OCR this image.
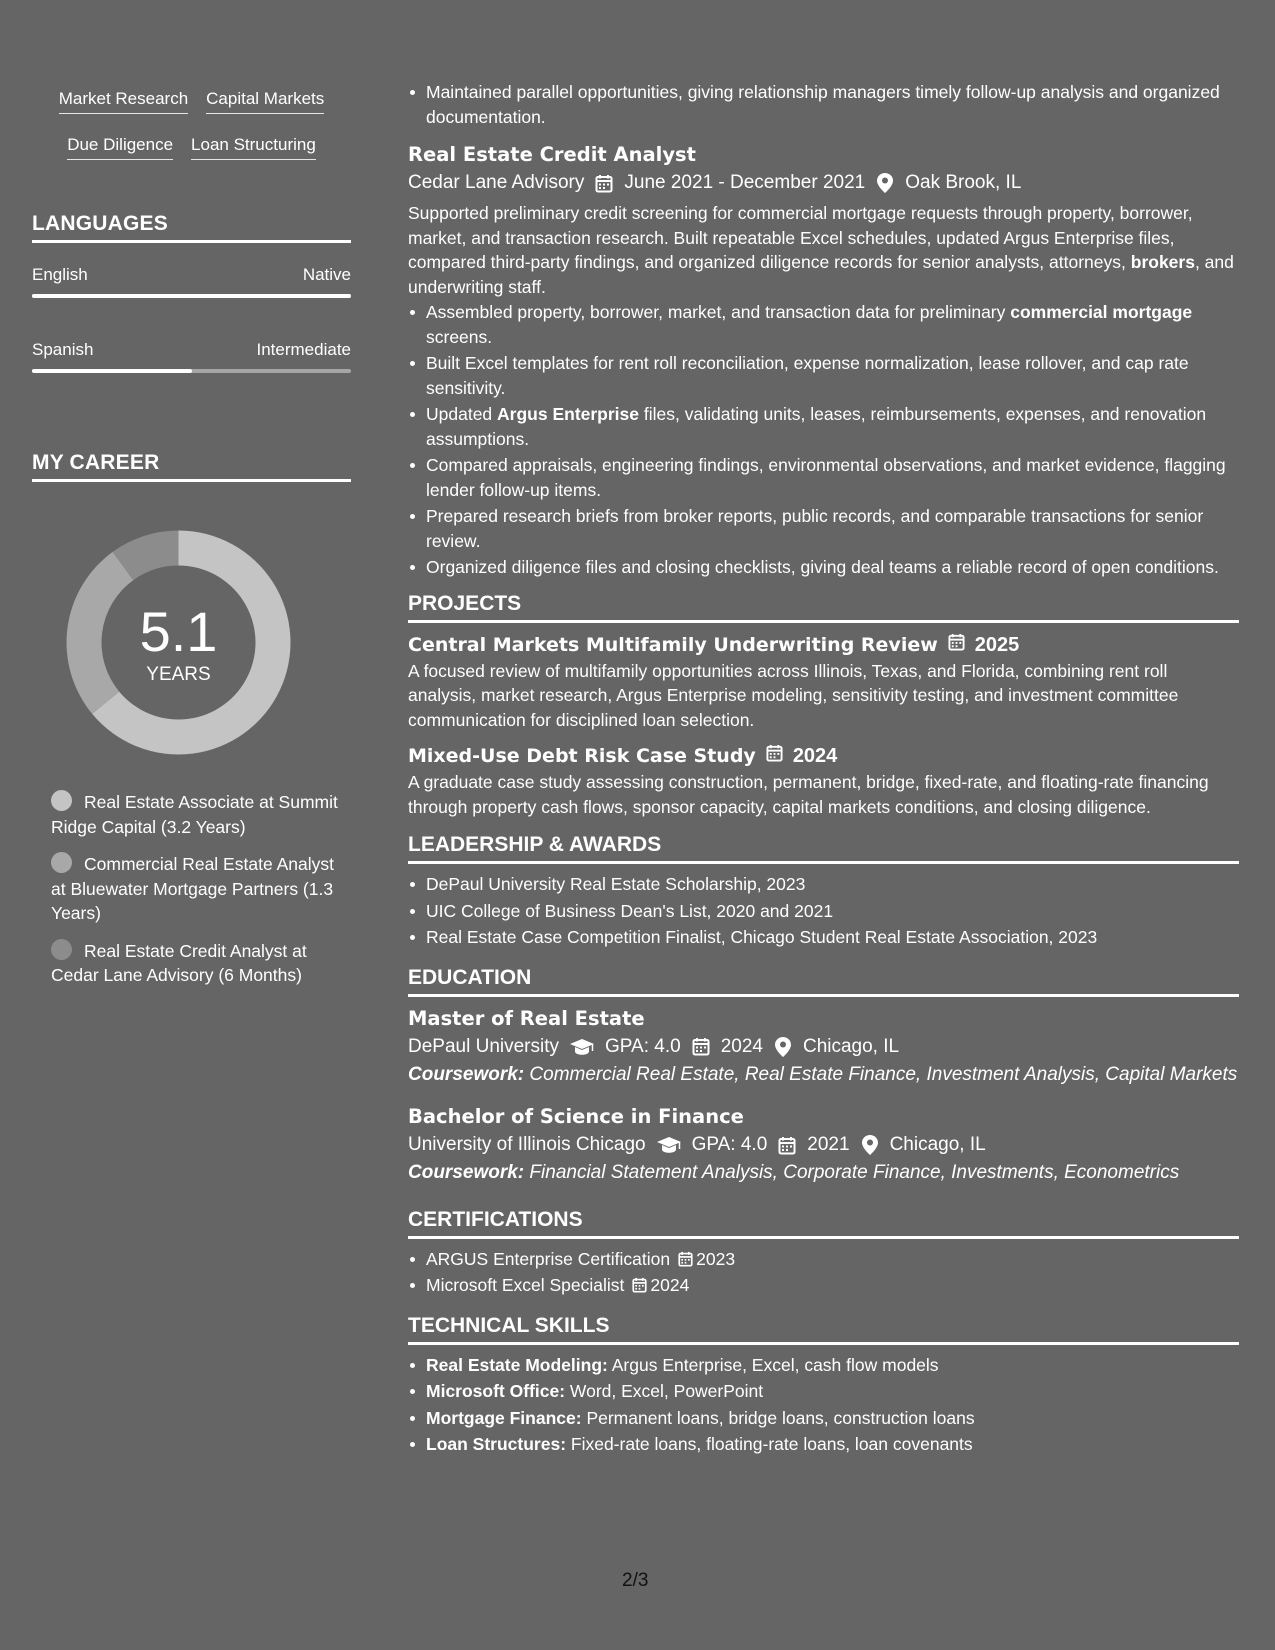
Market Research Capital Markets
Due Diligence Loan Structuring
LANGUAGES
English	Native
Spanish	Intermediate
MY CAREER
5.1
YEARS
Real Estate Associate at Summit Ridge Capital (3.2 Years)
Commercial Real Estate Analyst at Bluewater Mortgage Partners (1.3 Years)
Real Estate Credit Analyst at Cedar Lane Advisory (6 Months)
Maintained parallel opportunities, giving relationship managers timely follow-up analysis and organized documentation.
Real Estate Credit Analyst
Cedar Lane Advisory June 2021 - December 2021 Oak Brook, IL
Supported preliminary credit screening for commercial mortgage requests through property, borrower, market, and transaction research. Built repeatable Excel schedules, updated Argus Enterprise files, compared third-party findings, and organized diligence records for senior analysts, attorneys, brokers, and underwriting staff.
Assembled property, borrower, market, and transaction data for preliminary commercial mortgage screens.
Built Excel templates for rent roll reconciliation, expense normalization, lease rollover, and cap rate sensitivity.
Updated Argus Enterprise files, validating units, leases, reimbursements, expenses, and renovation assumptions.
Compared appraisals, engineering findings, environmental observations, and market evidence, flagging lender follow-up items.
Prepared research briefs from broker reports, public records, and comparable transactions for senior review.
Organized diligence files and closing checklists, giving deal teams a reliable record of open conditions.
PROJECTS
Central Markets Multifamily Underwriting Review 2025
A focused review of multifamily opportunities across Illinois, Texas, and Florida, combining rent roll analysis, market research, Argus Enterprise modeling, sensitivity testing, and investment committee communication for disciplined loan selection.
Mixed-Use Debt Risk Case Study 2024
A graduate case study assessing construction, permanent, bridge, fixed-rate, and floating-rate financing through property cash flows, sponsor capacity, capital markets conditions, and closing diligence.
LEADERSHIP & AWARDS
DePaul University Real Estate Scholarship, 2023
UIC College of Business Dean's List, 2020 and 2021
Real Estate Case Competition Finalist, Chicago Student Real Estate Association, 2023
EDUCATION
Master of Real Estate
DePaul University GPA: 4.0 2024 Chicago, IL
Coursework: Commercial Real Estate, Real Estate Finance, Investment Analysis, Capital Markets
Bachelor of Science in Finance
University of Illinois Chicago GPA: 4.0 2021 Chicago, IL
Coursework: Financial Statement Analysis, Corporate Finance, Investments, Econometrics
CERTIFICATIONS
ARGUS Enterprise Certification 2023
Microsoft Excel Specialist 2024
TECHNICAL SKILLS
Real Estate Modeling: Argus Enterprise, Excel, cash flow models
Microsoft Office: Word, Excel, PowerPoint
Mortgage Finance: Permanent loans, bridge loans, construction loans
Loan Structures: Fixed-rate loans, floating-rate loans, loan covenants
2/3
